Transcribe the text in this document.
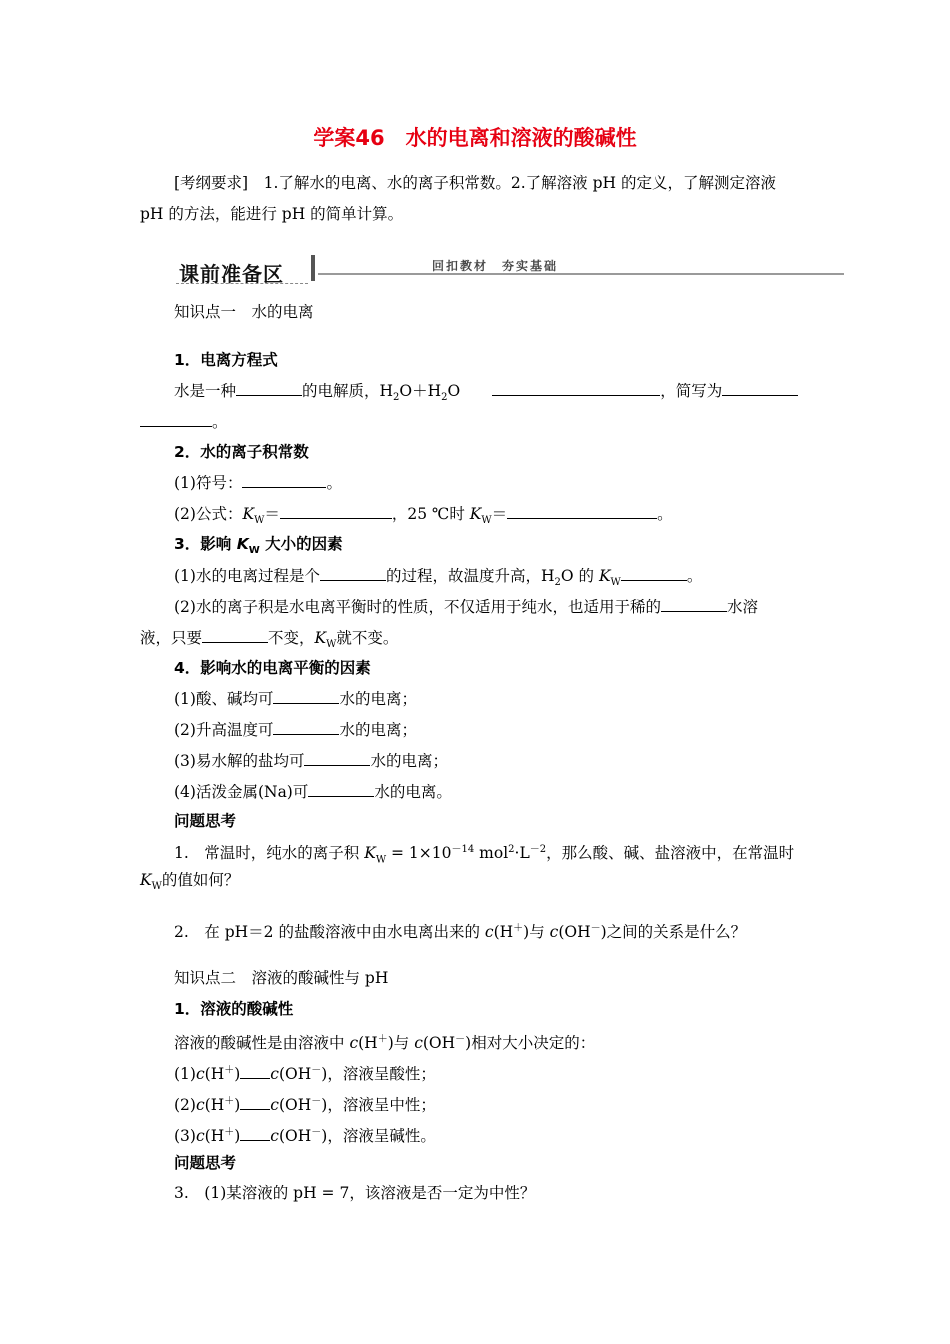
学案46　水的电离和溶液的酸碱性
[考纲要求]　1.了解水的电离、水的离子积常数。2.了解溶液 pH 的定义，了解测定溶液
pH 的方法，能进行 pH 的简单计算。
课前准备区	回扣教材　夯实基础
知识点一　水的电离
1．电离方程式
水是一种	的电解质，$H_2O+H_2O$	，简写为
。
2．水的离子积常数
(1)符号：	。
(2)公式：$K_W=$	，25 ℃时 $K_W=$	。
3．影响 $K_W$ 大小的因素
(1)水的电离过程是个	的过程，故温度升高，$H_2O$ 的 $K_W$	。
(2)水的离子积是水电离平衡时的性质，不仅适用于纯水，也适用于稀的	水溶
液，只要	不变，$K_W$就不变。
4．影响水的电离平衡的因素
(1)酸、碱均可	水的电离；
(2)升高温度可	水的电离；
(3)易水解的盐均可	水的电离；
(4)活泼金属(Na)可	水的电离。
问题思考
1.　常温时，纯水的离子积 $K_W = 1\times 10^{-14}$ $mol^2\cdot L^{-2}$，那么酸、碱、盐溶液中，在常温时
$K_W$的值如何？
2.　在 pH＝2 的盐酸溶液中由水电离出来的 c(H＋)与 c(OH－)之间的关系是什么？
知识点二　溶液的酸碱性与 pH
1．溶液的酸碱性
溶液的酸碱性是由溶液中 c(H＋)与 c(OH－)相对大小决定的：
(1)c(H＋) c(OH－)，溶液呈酸性；
(2)c(H＋) c(OH－)，溶液呈中性；
(3)c(H＋) c(OH－)，溶液呈碱性。
问题思考
3.　(1)某溶液的 pH = 7，该溶液是否一定为中性？
